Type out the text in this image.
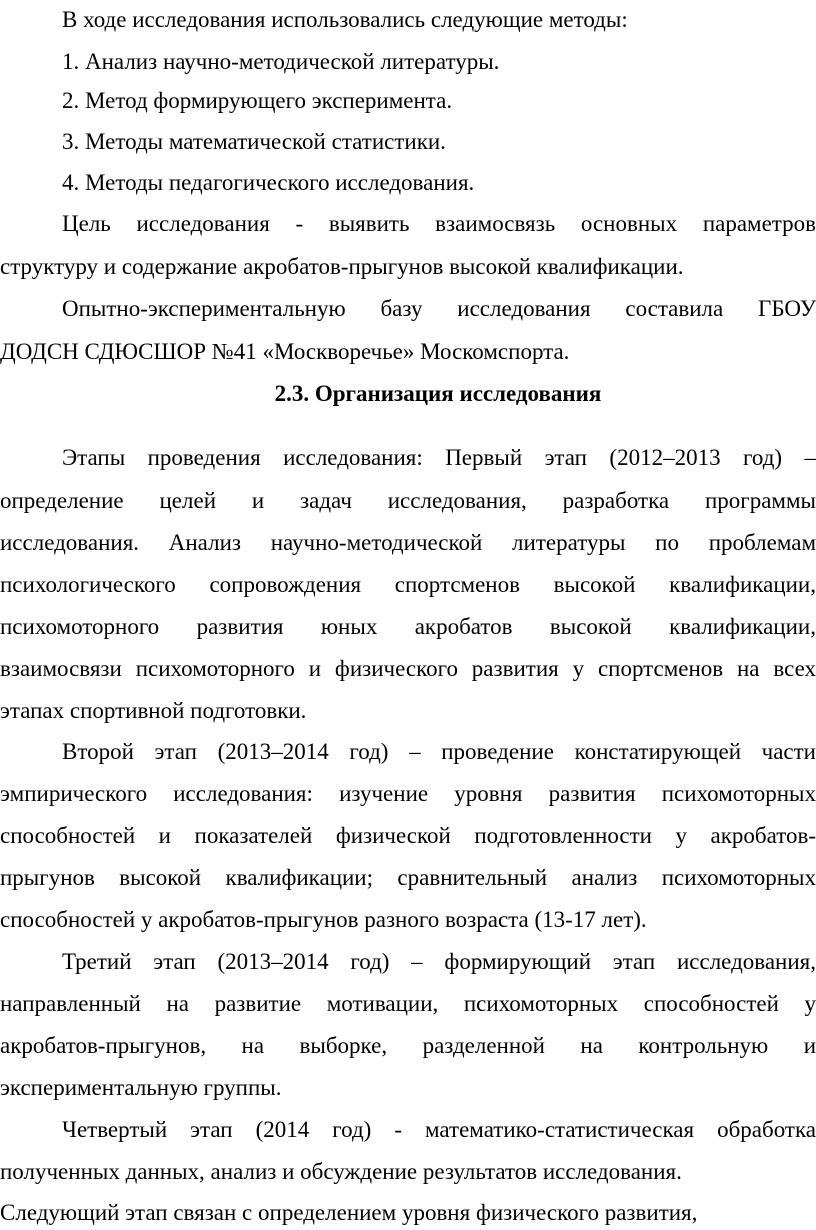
В ходе исследования использовались следующие методы:
1. Анализ научно-методической литературы.
2. Метод формирующего эксперимента.
3. Методы математической статистики.
4. Методы педагогического исследования.
Цель исследования - выявить взаимосвязь основных параметров
структуру и содержание акробатов-прыгунов высокой квалификации.
Опытно-экспериментальную базу исследования составила ГБОУ
ДОДСН СДЮСШОР №41 «Москворечье» Москомспорта.
2.3. Организация исследования
Этапы проведения исследования: Первый этап (2012–2013 год) –
определение целей и задач исследования, разработка программы
исследования. Анализ научно-методической литературы по проблемам
психологического сопровождения спортсменов высокой квалификации,
психомоторного развития юных акробатов высокой квалификации,
взаимосвязи психомоторного и физического развития у спортсменов на всех
этапах спортивной подготовки.
Второй этап (2013–2014 год) – проведение констатирующей части
эмпирического исследования: изучение уровня развития психомоторных
способностей и показателей физической подготовленности у акробатов-
прыгунов высокой квалификации; сравнительный анализ психомоторных
способностей у акробатов-прыгунов разного возраста (13-17 лет).
Третий этап (2013–2014 год) – формирующий этап исследования,
направленный на развитие мотивации, психомоторных способностей у
акробатов-прыгунов, на выборке, разделенной на контрольную и
экспериментальную группы.
Четвертый этап (2014 год) - математико-статистическая обработка
полученных данных, анализ и обсуждение результатов исследования.
Следующий этап связан с определением уровня физического развития,
